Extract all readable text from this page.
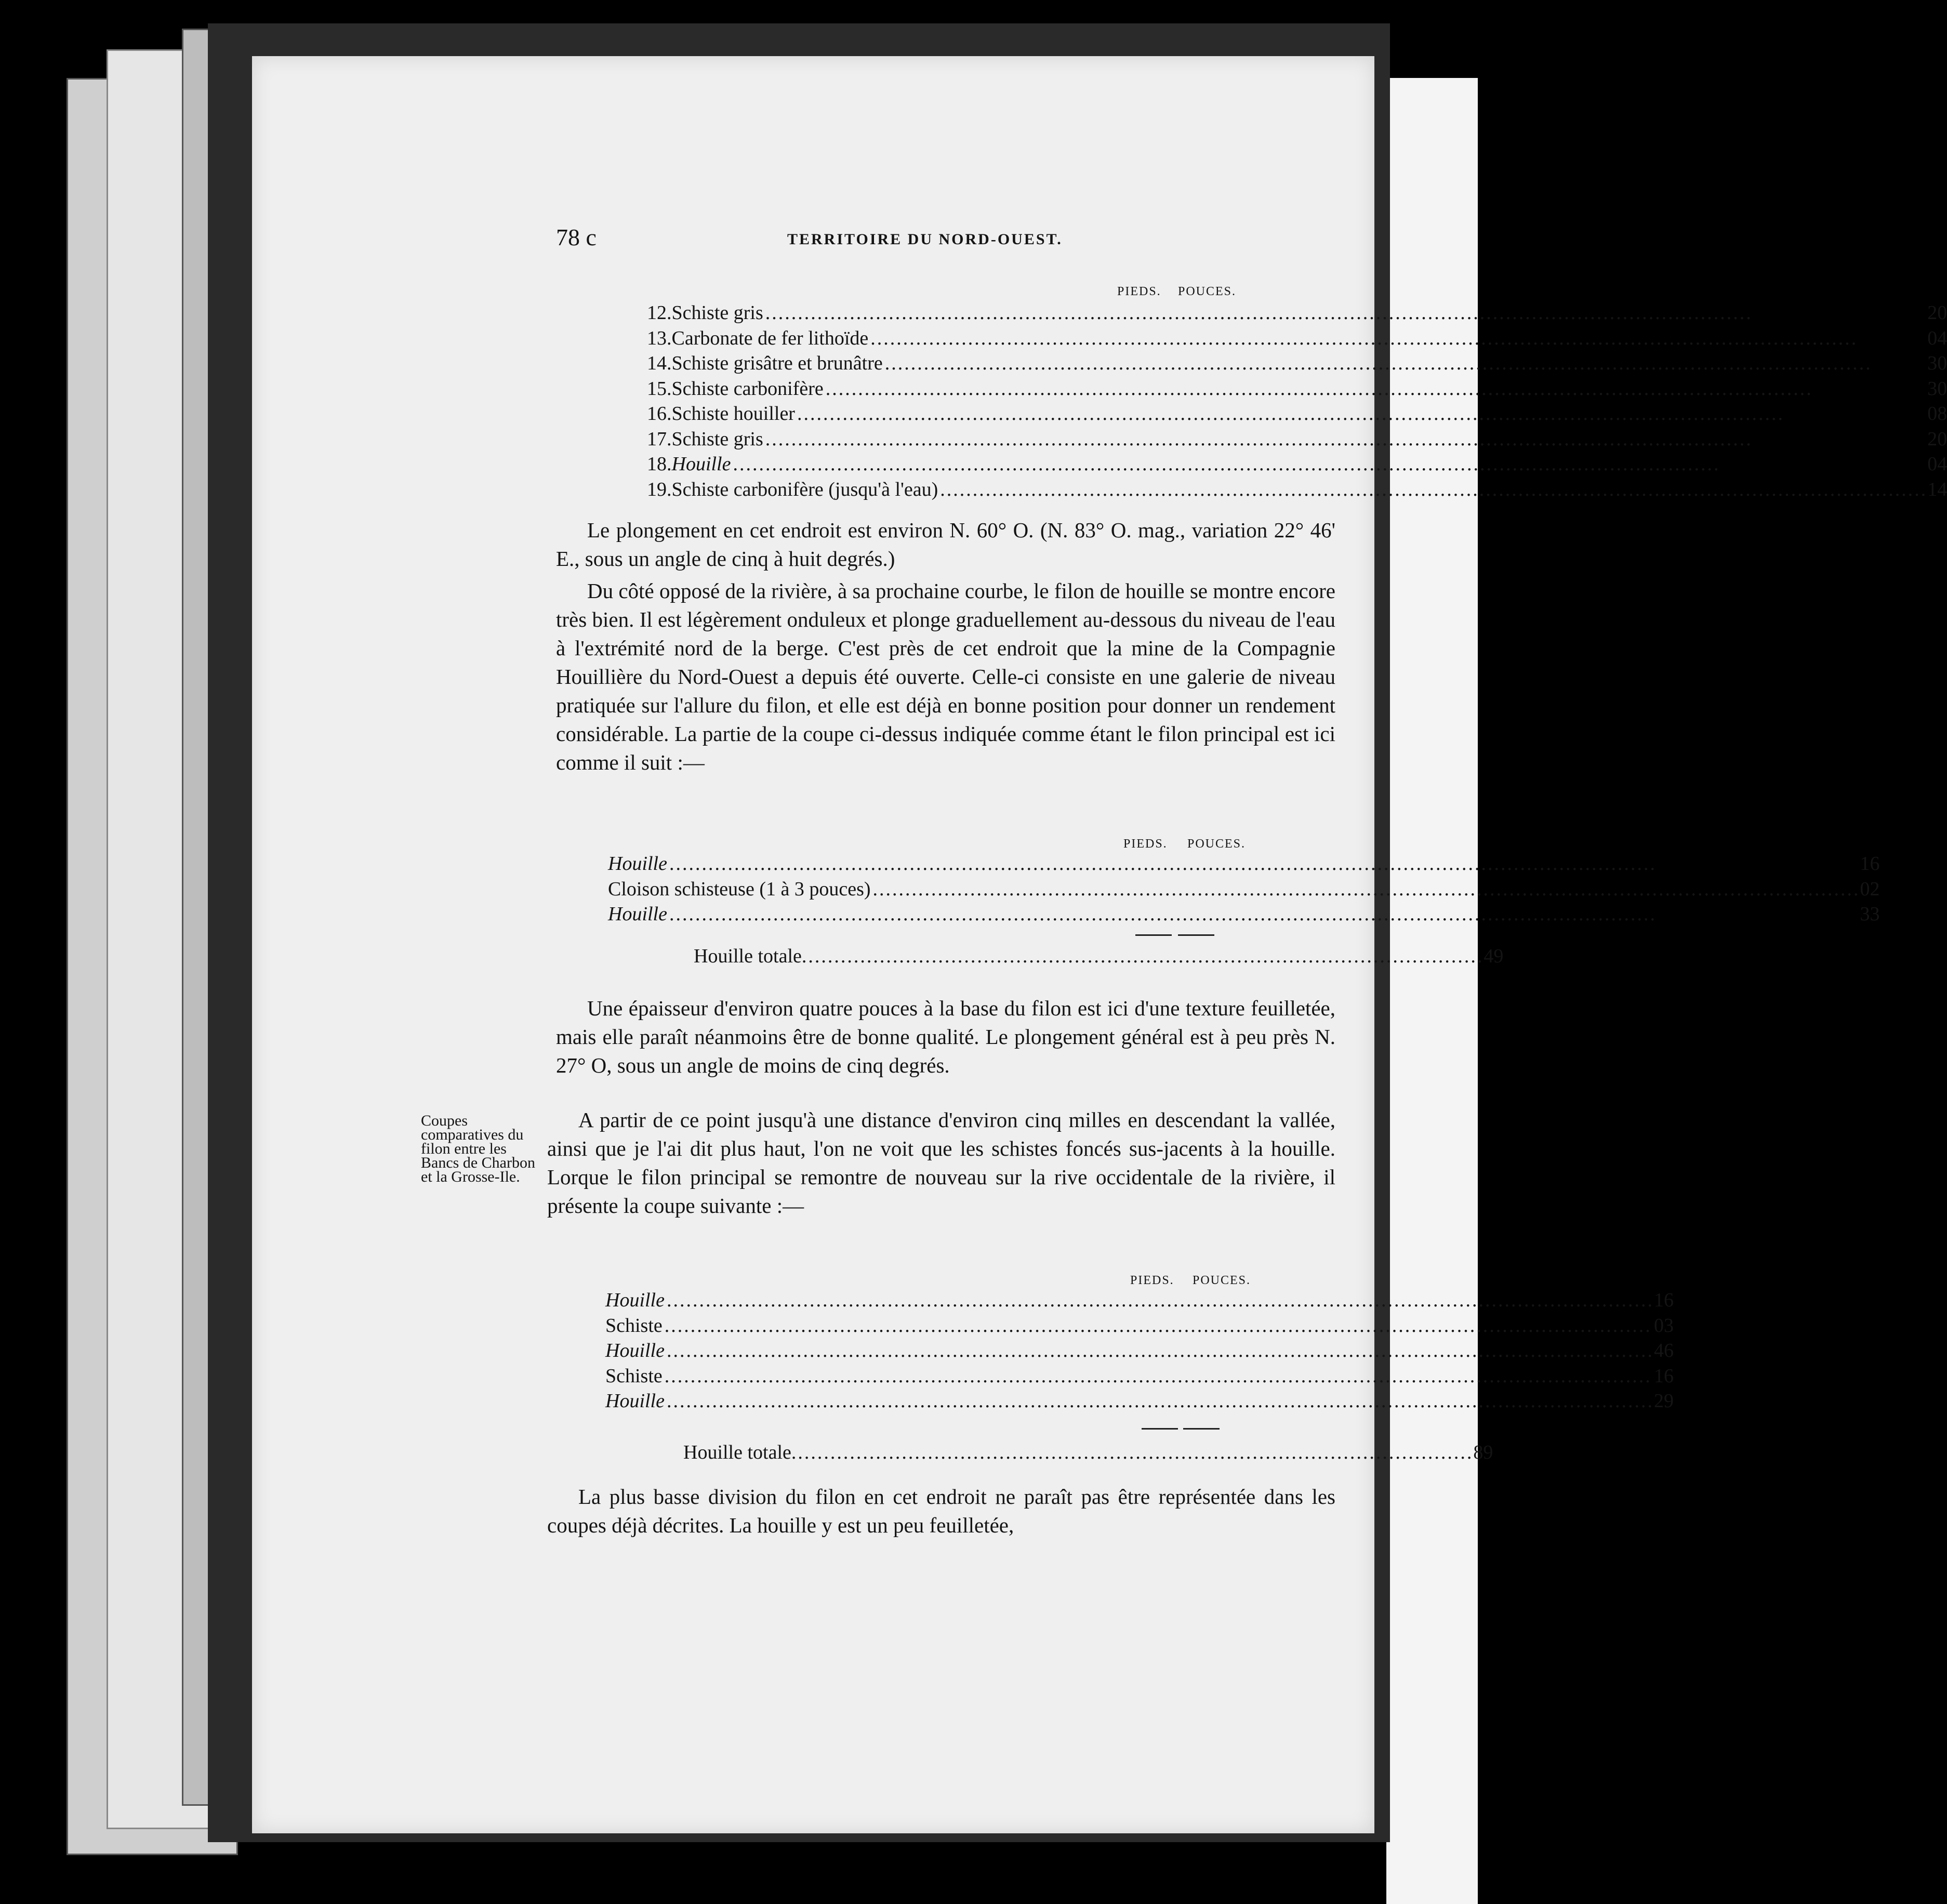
78 c	TERRITOIRE DU NORD-OUEST.
PIEDS. POUCES.
12.	Schiste gris ........................................................................................................................................................	2	0
13.	Carbonate de fer lithoïde ........................................................................................................................................................	0	4
14.	Schiste grisâtre et brunâtre ........................................................................................................................................................	3	0
15.	Schiste carbonifère ........................................................................................................................................................	3	0
16.	Schiste houiller ........................................................................................................................................................	0	8
17.	Schiste gris ........................................................................................................................................................	2	0
18.	Houille ........................................................................................................................................................	0	4
19.	Schiste carbonifère (jusqu'à l'eau) ........................................................................................................................................................	1	4

Le plongement en cet endroit est environ N. 60° O. (N. 83° O. mag., variation 22° 46' E., sous un angle de cinq à huit degrés.)

Du côté opposé de la rivière, à sa prochaine courbe, le filon de houille se montre encore très bien. Il est légèrement onduleux et plonge graduellement au-dessous du niveau de l'eau à l'extrémité nord de la berge. C'est près de cet endroit que la mine de la Compagnie Houillière du Nord-Ouest a depuis été ouverte. Celle-ci consiste en une galerie de niveau pratiquée sur l'allure du filon, et elle est déjà en bonne position pour donner un rendement considérable. La partie de la coupe ci-dessus indiquée comme étant le filon principal est ici comme il suit :—

PIEDS. POUCES.
Houille ........................................................................................................................................................	1	6

Cloison schisteuse (1 à 3 pouces) ........................................................................................................................................................	0	2

Houille ........................................................................................................................................................	3	3
Houille totale ......................................................................................................... 4 9

Une épaisseur d'environ quatre pouces à la base du filon est ici d'une texture feuilletée, mais elle paraît néanmoins être de bonne qualité. Le plongement général est à peu près N. 27° O, sous un angle de moins de cinq degrés.

Coupes comparatives du filon entre les Bancs de Charbon et la Grosse-Ile.

A partir de ce point jusqu'à une distance d'environ cinq milles en descendant la vallée, ainsi que je l'ai dit plus haut, l'on ne voit que les schistes foncés sus-jacents à la houille. Lorque le filon principal se remontre de nouveau sur la rive occidentale de la rivière, il présente la coupe suivante :—

PIEDS. POUCES.
Houille ........................................................................................................................................................	1	6

Schiste ........................................................................................................................................................	0	3

Houille ........................................................................................................................................................	4	6

Schiste ........................................................................................................................................................	1	6

Houille ........................................................................................................................................................	2	9
Houille totale ......................................................................................................... 8 9

La plus basse division du filon en cet endroit ne paraît pas être représentée dans les coupes déjà décrites. La houille y est un peu feuilletée,
